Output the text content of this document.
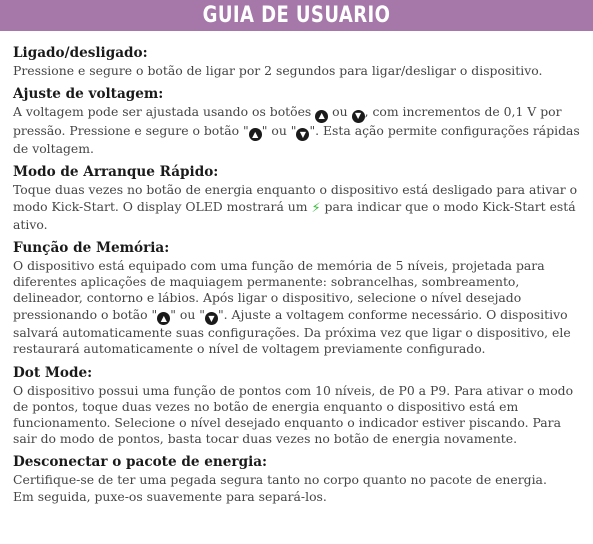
GUIA DE USUARIO
Ligado/desligado:

Pressione e segure o botão de ligar por 2 segundos para ligar/desligar o dispositivo.

Ajuste de voltagem:

A voltagem pode ser ajustada usando os botões ▲ ou ▼ , com incrementos de 0,1 V por pressão. Pressione e segure o botão " ▲ " ou " ▼ ". Esta ação permite configurações rápidas de voltagem.

Modo de Arranque Rápido:

Toque duas vezes no botão de energia enquanto o dispositivo está desligado para ativar o modo Kick-Start. O display OLED mostrará um ⚡ para indicar que o modo Kick-Start está ativo.

Função de Memória:

O dispositivo está equipado com uma função de memória de 5 níveis, projetada para diferentes aplicações de maquiagem permanente: sobrancelhas, sombreamento, delineador, contorno e lábios. Após ligar o dispositivo, selecione o nível desejado pressionando o botão " ▲ " ou " ▼ ". Ajuste a voltagem conforme necessário. O dispositivo salvará automaticamente suas configurações. Da próxima vez que ligar o dispositivo, ele restaurará automaticamente o nível de voltagem previamente configurado.

Dot Mode:

O dispositivo possui uma função de pontos com 10 níveis, de P0 a P9. Para ativar o modo de pontos, toque duas vezes no botão de energia enquanto o dispositivo está em funcionamento. Selecione o nível desejado enquanto o indicador estiver piscando. Para sair do modo de pontos, basta tocar duas vezes no botão de energia novamente.

Desconectar o pacote de energia:

Certifique-se de ter uma pegada segura tanto no corpo quanto no pacote de energia.
Em seguida, puxe-os suavemente para separá-los.
